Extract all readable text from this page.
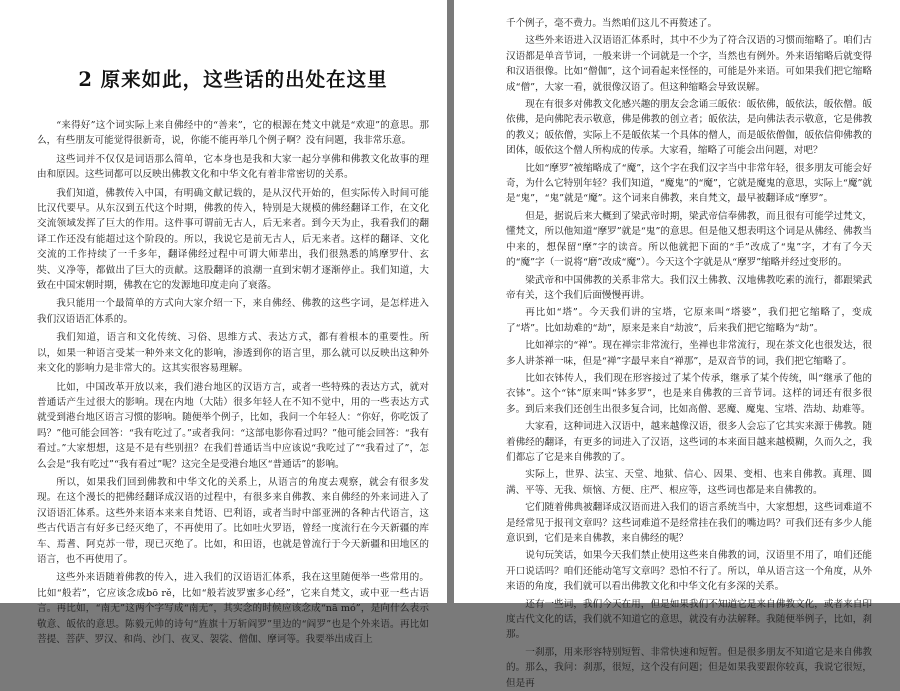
2 原来如此，这些话的出处在这里

“来得好”这个词实际上来自佛经中的“善来”，它的根源在梵文中就是“欢迎”的意思。那么，有些朋友可能觉得很新奇，说，你能不能再举几个例子啊？没有问题，我非常乐意。

这些词并不仅仅是词语那么简单，它本身也是我和大家一起分享佛和佛教文化故事的理由和原因。这些词都可以反映出佛教文化和中华文化有着非常密切的关系。

我们知道，佛教传入中国，有明确文献记载的，是从汉代开始的，但实际传入时间可能比汉代要早。从东汉到五代这个时期，佛教的传入，特别是大规模的佛经翻译工作，在文化交流领域发挥了巨大的作用。这件事可谓前无古人，后无来者。到今天为止，我看我们的翻译工作还没有能超过这个阶段的。所以，我说它是前无古人，后无来者。这样的翻译、文化交流的工作持续了一千多年，翻译佛经过程中可谓大师辈出，我们很熟悉的鸠摩罗什、玄奘、义净等，都做出了巨大的贡献。这股翻译的浪潮一直到宋朝才逐渐停止。我们知道，大致在中国宋朝时期，佛教在它的发源地印度走向了衰落。

我只能用一个最简单的方式向大家介绍一下，来自佛经、佛教的这些字词，是怎样进入我们汉语语汇体系的。

我们知道，语言和文化传统、习俗、思维方式、表达方式，都有着根本的重要性。所以，如果一种语言受某一种外来文化的影响，渗透到你的语言里，那么就可以反映出这种外来文化的影响力是非常大的。这其实很容易理解。

比如，中国改革开放以来，我们港台地区的汉语方言，或者一些特殊的表达方式，就对普通话产生过很大的影响。现在内地（大陆）很多年轻人在不知不觉中，用的一些表达方式就受到港台地区语言习惯的影响。随便举个例子，比如，我问一个年轻人：“你好，你吃饭了吗？”他可能会回答：“我有吃过了。”或者我问：“这部电影你看过吗？”他可能会回答：“我有看过。”大家想想，这是不是有些别扭？在我们普通话当中应该说“我吃过了”“我看过了”，怎么会是“我有吃过”“我有看过”呢？这完全是受港台地区“普通话”的影响。

所以，如果我们回到佛教和中华文化的关系上，从语言的角度去观察，就会有很多发现。在这个漫长的把佛经翻译成汉语的过程中，有很多来自佛教、来自佛经的外来词进入了汉语语汇体系。这些外来语本来来自梵语、巴利语，或者当时中部亚洲的各种古代语言，这些古代语言有好多已经灭绝了，不再使用了。比如吐火罗语，曾经一度流行在今天新疆的库车、焉耆、阿克苏一带，现已灭绝了。比如，和田语，也就是曾流行于今天新疆和田地区的语言，也不再使用了。

这些外来语随着佛教的传入，进入我们的汉语语汇体系，我在这里随便举一些常用的。比如“般若”，它应该念成bō rě，比如“般若波罗蜜多心经”，它来自梵文，或中亚一些古语言。再比如，“南无”这两个字写成“南无”，其实念的时候应该念成“nā mó”，是向什么表示敬意、皈依的意思。陈毅元帅的诗句“旌旗十万斩阎罗”里边的“阎罗”也是个外来语。再比如菩提、菩萨、罗汉、和尚、沙门、夜叉、袈裟、僧伽、摩诃等。我要举出成百上

千个例子，毫不费力。当然咱们这儿不再赘述了。

这些外来语进入汉语语汇体系时，其中不少为了符合汉语的习惯而缩略了。咱们古汉语都是单音节词，一般来讲一个词就是一个字，当然也有例外。外来语缩略后就变得和汉语很像。比如“僧伽”，这个词看起来怪怪的，可能是外来语。可如果我们把它缩略成“僧”，大家一看，就很像汉语了。但这种缩略会导致误解。

现在有很多对佛教文化感兴趣的朋友会念诵三皈依：皈依佛，皈依法，皈依僧。皈依佛，是向佛陀表示敬意，佛是佛教的创立者；皈依法，是向佛法表示敬意，它是佛教的教义；皈依僧，实际上不是皈依某一个具体的僧人，而是皈依僧伽，皈依信仰佛教的团体，皈依这个僧人所构成的传承。大家看，缩略了可能会出问题，对吧？

比如“摩罗”被缩略成了“魔”，这个字在我们汉字当中非常年轻，很多朋友可能会好奇，为什么它特别年轻？我们知道，“魔鬼”的“魔”，它就是魔鬼的意思，实际上“魔”就是“鬼”，“鬼”就是“魔”。这个词来自佛教，来自梵文，最早被翻译成“摩罗”。

但是，据说后来大概到了梁武帝时期，梁武帝信奉佛教，而且很有可能学过梵文，懂梵文，所以他知道“摩罗”就是“鬼”的意思。但是他又想表明这个词是从佛经、佛教当中来的，想保留“摩”字的读音。所以他就把下面的“手”改成了“鬼”字，才有了今天的“魔”字（一说将“磨”改成“魔”）。今天这个字就是从“摩罗”缩略并经过变形的。

梁武帝和中国佛教的关系非常大。我们汉土佛教、汉地佛教吃素的流行，都跟梁武帝有关，这个我们后面慢慢再讲。

再比如“塔”。今天我们讲的宝塔，它原来叫“塔婆”，我们把它缩略了，变成了“塔”。比如劫难的“劫”，原来是来自“劫波”，后来我们把它缩略为“劫”。

比如禅宗的“禅”。现在禅宗非常流行，坐禅也非常流行，现在茶文化也很发达，很多人讲茶禅一味，但是“禅”字最早来自“禅那”，是双音节的词，我们把它缩略了。

比如衣钵传人，我们现在形容接过了某个传承，继承了某个传统，叫“继承了他的衣钵”。这个“钵”原来叫“钵多罗”，也是来自佛教的三音节词。这样的词还有很多很多。到后来我们还创生出很多复合词，比如高僧、恶魔、魔鬼、宝塔、浩劫、劫难等。

大家看，这种词进入汉语中，越来越像汉语，很多人会忘了它其实来源于佛教。随着佛经的翻译，有更多的词进入了汉语，这些词的本来面目越来越模糊，久而久之，我们都忘了它是来自佛教的了。

实际上，世界、法宝、天堂、地狱、信心、因果、变相、也来自佛教。真理、圆满、平等、无我、烦恼、方便、庄严、根应等，这些词也都是来自佛教的。

它们随着佛典被翻译成汉语而进入我们的语言系统当中，大家想想，这些词难道不是经常见于报刊文章吗？这些词难道不是经常挂在我们的嘴边吗？可我们还有多少人能意识到，它们是来自佛教，来自佛经的呢？

说句玩笑话，如果今天我们禁止使用这些来自佛教的词，汉语里不用了，咱们还能开口说话吗？咱们还能动笔写文章吗？恐怕不行了。所以，单从语言这一个角度，从外来语的角度，我们就可以看出佛教文化和中华文化有多深的关系。

还有一些词，我们今天在用，但是如果我们不知道它是来自佛教文化，或者来自印度古代文化的话，我们就不知道它的意思，就没有办法解释。我随便举例子，比如，刹那。

一刹那，用来形容特别短暂、非常快速和短暂。但是很多朋友不知道它是来自佛教的。那么，我问：刹那，很短，这个没有问题；但是如果我要跟你较真，我说它很短，但是再
